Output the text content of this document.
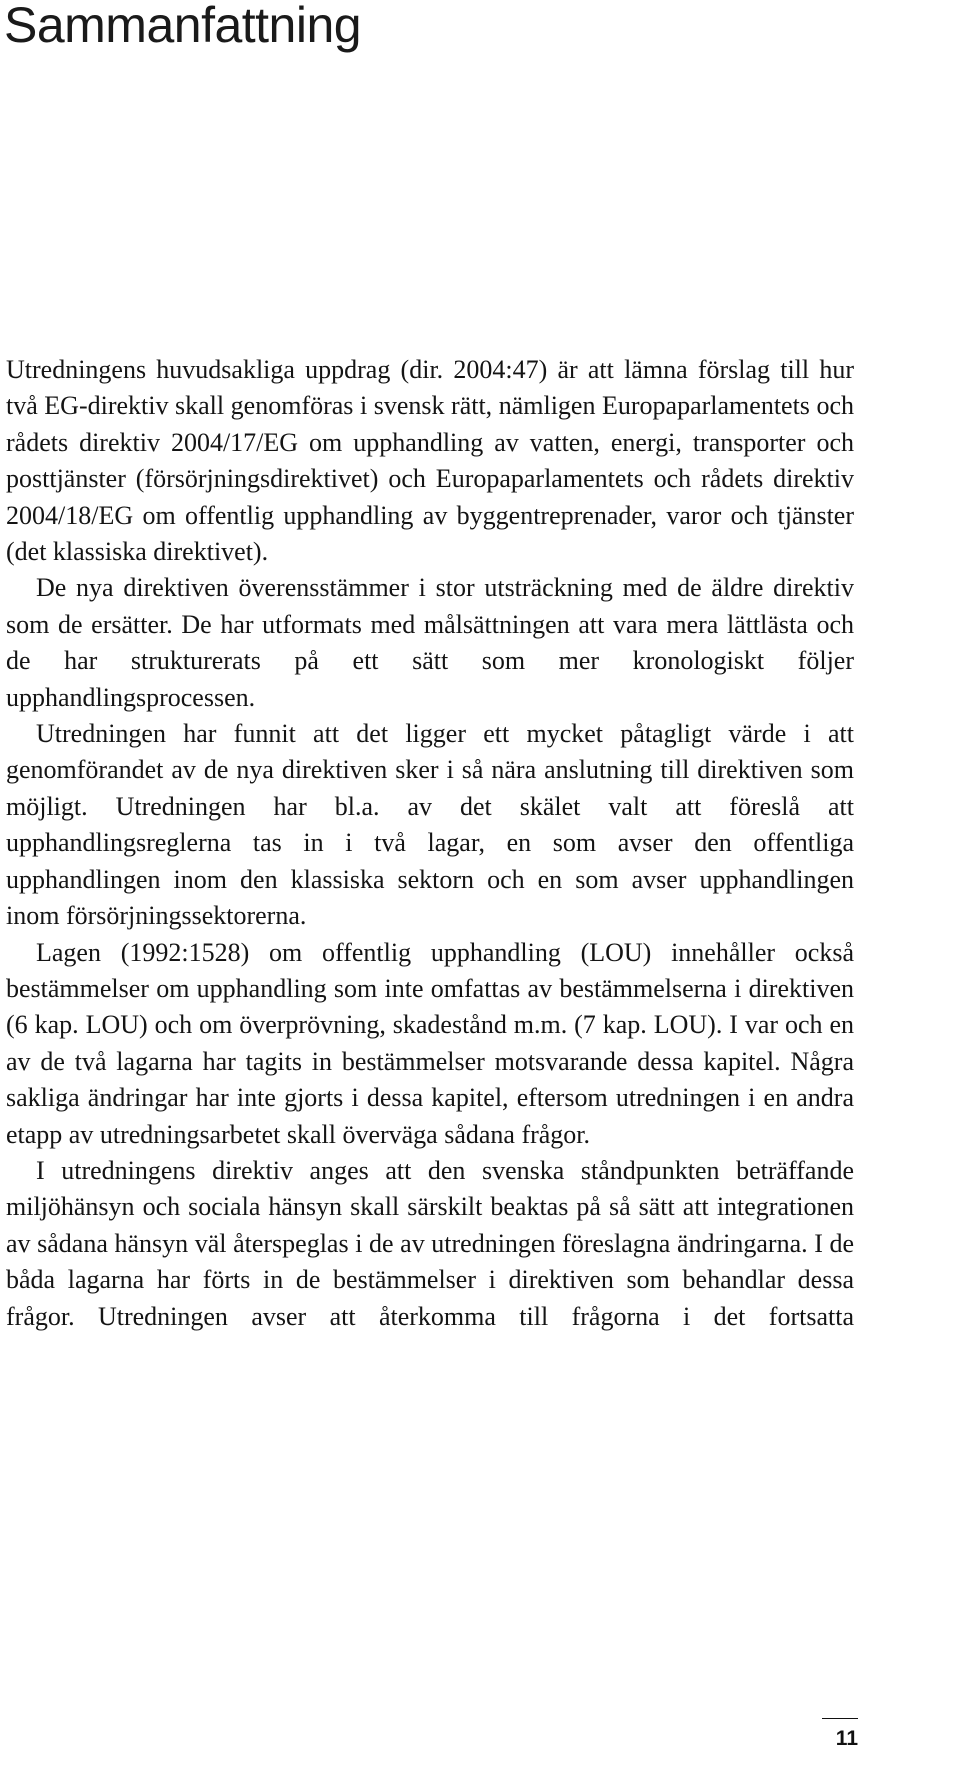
Sammanfattning

Utredningens huvudsakliga uppdrag (dir. 2004:47) är att lämna förslag till hur två EG-direktiv skall genomföras i svensk rätt, nämligen Europaparlamentets och rådets direktiv 2004/17/EG om upphandling av vatten, energi, transporter och posttjänster (försörjningsdirektivet) och Europaparlamentets och rådets direktiv 2004/18/EG om offentlig upphandling av byggentreprenader, varor och tjänster (det klassiska direktivet).

De nya direktiven överensstämmer i stor utsträckning med de äldre direktiv som de ersätter. De har utformats med målsättningen att vara mera lättlästa och de har strukturerats på ett sätt som mer kronologiskt följer upphandlingsprocessen.

Utredningen har funnit att det ligger ett mycket påtagligt värde i att genomförandet av de nya direktiven sker i så nära anslutning till direktiven som möjligt. Utredningen har bl.a. av det skälet valt att föreslå att upphandlingsreglerna tas in i två lagar, en som avser den offentliga upphandlingen inom den klassiska sektorn och en som avser upphandlingen inom försörjningssektorerna.

Lagen (1992:1528) om offentlig upphandling (LOU) innehåller också bestämmelser om upphandling som inte omfattas av bestämmelserna i direktiven (6 kap. LOU) och om överprövning, skadestånd m.m. (7 kap. LOU). I var och en av de två lagarna har tagits in bestämmelser motsvarande dessa kapitel. Några sakliga ändringar har inte gjorts i dessa kapitel, eftersom utredningen i en andra etapp av utredningsarbetet skall överväga sådana frågor.

I utredningens direktiv anges att den svenska ståndpunkten beträffande miljöhänsyn och sociala hänsyn skall särskilt beaktas på så sätt att integrationen av sådana hänsyn väl återspeglas i de av utredningen föreslagna ändringarna. I de båda lagarna har förts in de bestämmelser i direktiven som behandlar dessa frågor. Utredningen avser att återkomma till frågorna i det fortsatta

11
